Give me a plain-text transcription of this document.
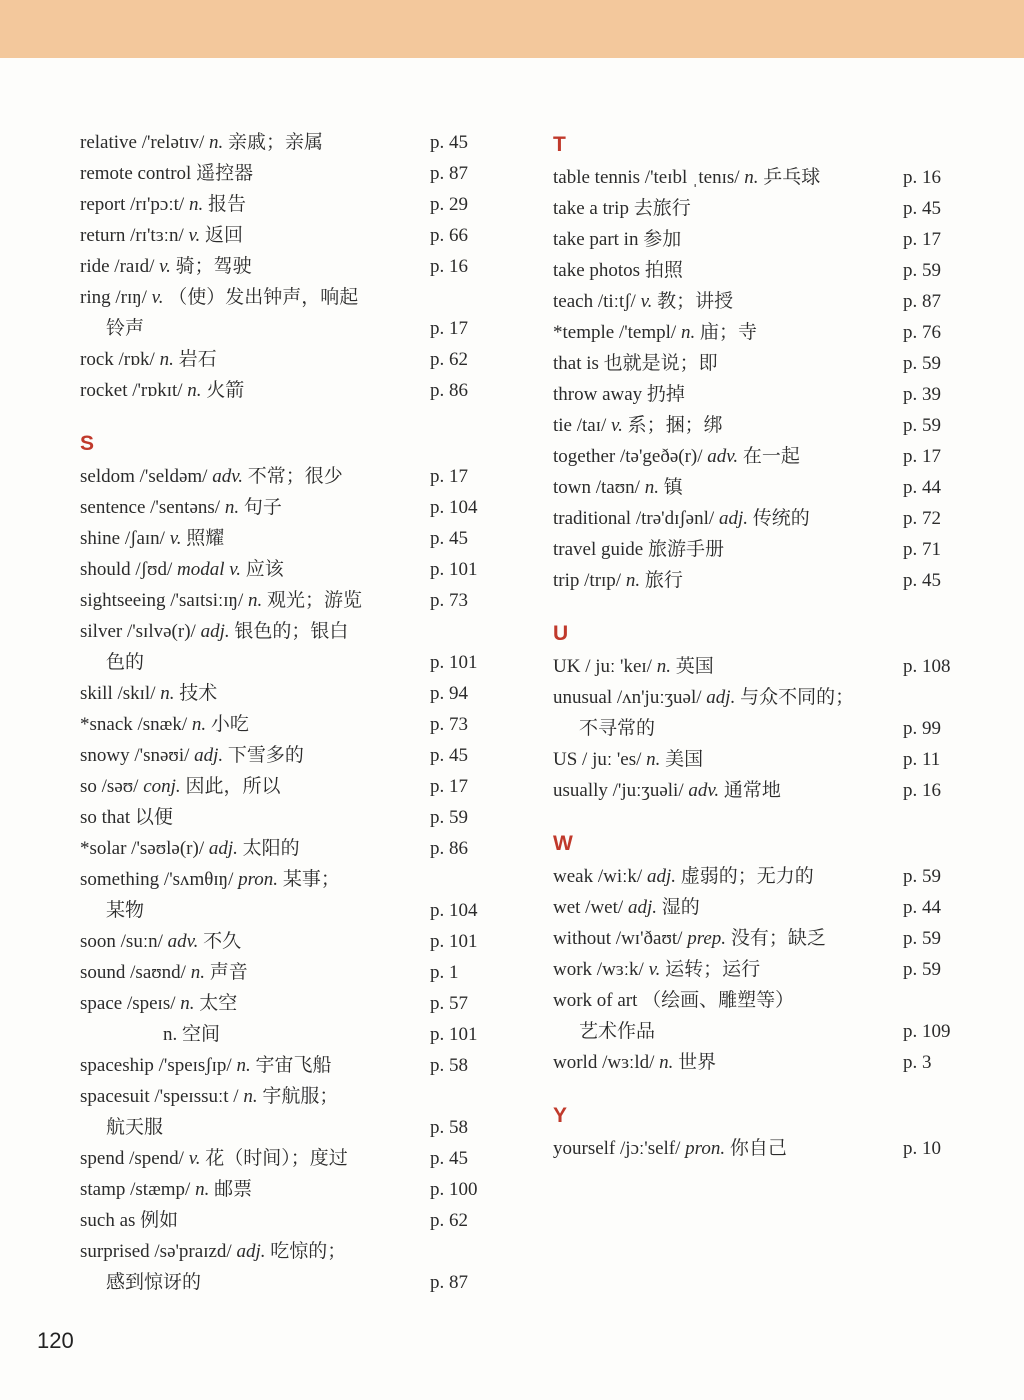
relative /'relətɪv/ n. 亲戚；亲属	p. 45
remote control 遥控器	p. 87
report /rɪ'pɔːt/ n. 报告	p. 29
return /rɪ'tɜːn/ v. 返回	p. 66
ride /raɪd/ v. 骑；驾驶	p. 16
ring /rɪŋ/ v. （使）发出钟声，响起
铃声	p. 17
rock /rɒk/ n. 岩石	p. 62
rocket /'rɒkɪt/ n. 火箭	p. 86
S
seldom /'seldəm/ adv. 不常；很少	p. 17
sentence /'sentəns/ n. 句子	p. 104
shine /ʃaɪn/ v. 照耀	p. 45
should /ʃʊd/ modal v. 应该	p. 101
sightseeing /'saɪtsiːɪŋ/ n. 观光；游览	p. 73
silver /'sɪlvə(r)/ adj. 银色的；银白
色的	p. 101
skill /skɪl/ n. 技术	p. 94
*snack /snæk/ n. 小吃	p. 73
snowy /'snəʊi/ adj. 下雪多的	p. 45
so /səʊ/ conj. 因此，所以	p. 17
so that 以便	p. 59
*solar /'səʊlə(r)/ adj. 太阳的	p. 86
something /'sʌmθɪŋ/ pron. 某事；
某物	p. 104
soon /suːn/ adv. 不久	p. 101
sound /saʊnd/ n. 声音	p. 1
space /speɪs/ n. 太空	p. 57
n. 空间	p. 101
spaceship /'speɪsʃɪp/ n. 宇宙飞船	p. 58
spacesuit /'speɪssuːt / n. 宇航服；
航天服	p. 58
spend /spend/ v. 花（时间）；度过	p. 45
stamp /stæmp/ n. 邮票	p. 100
such as 例如	p. 62
surprised /sə'praɪzd/ adj. 吃惊的；
感到惊讶的	p. 87
T
table tennis /'teɪbl ˌtenɪs/ n. 乒乓球	p. 16
take a trip 去旅行	p. 45
take part in 参加	p. 17
take photos 拍照	p. 59
teach /tiːtʃ/ v. 教；讲授	p. 87
*temple /'templ/ n. 庙；寺	p. 76
that is 也就是说；即	p. 59
throw away 扔掉	p. 39
tie /taɪ/ v. 系；捆；绑	p. 59
together /tə'geðə(r)/ adv. 在一起	p. 17
town /taʊn/ n. 镇	p. 44
traditional /trə'dɪʃənl/ adj. 传统的	p. 72
travel guide 旅游手册	p. 71
trip /trɪp/ n. 旅行	p. 45
U
UK / juː 'keɪ/ n. 英国	p. 108
unusual /ʌn'juːʒuəl/ adj. 与众不同的；
不寻常的	p. 99
US / juː 'es/ n. 美国	p. 11
usually /'juːʒuəli/ adv. 通常地	p. 16
W
weak /wiːk/ adj. 虚弱的；无力的	p. 59
wet /wet/ adj. 湿的	p. 44
without /wɪ'ðaʊt/ prep. 没有；缺乏	p. 59
work /wɜːk/ v. 运转；运行	p. 59
work of art （绘画、雕塑等）
艺术作品	p. 109
world /wɜːld/ n. 世界	p. 3
Y
yourself /jɔː'self/ pron. 你自己	p. 10
120
